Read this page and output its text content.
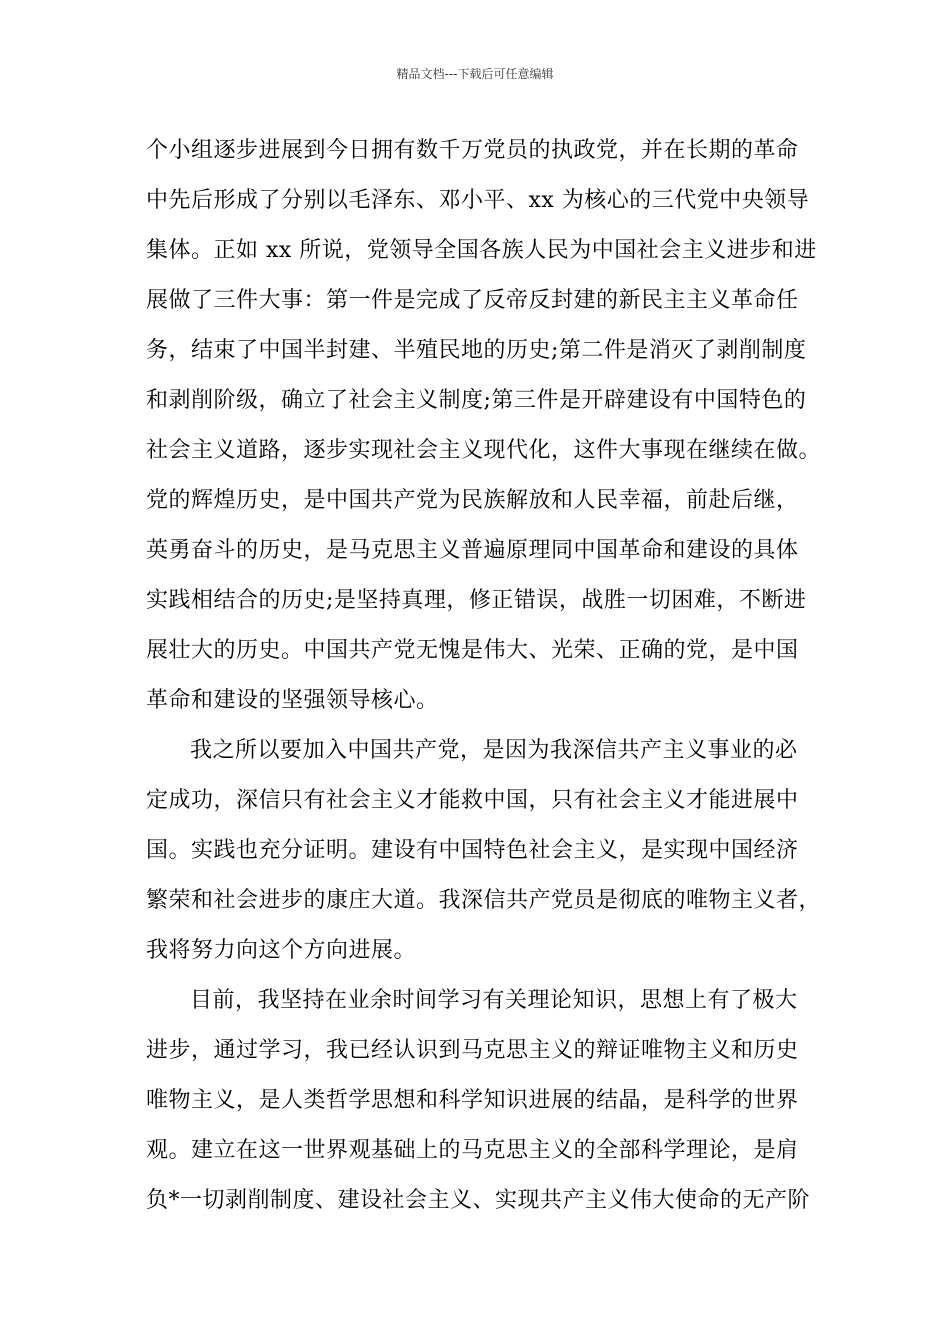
精品文档---下载后可任意编辑
个小组逐步进展到今日拥有数千万党员的执政党，并在长期的革命
中先后形成了分别以毛泽东、邓小平、xx 为核心的三代党中央领导
集体。正如 xx 所说，党领导全国各族人民为中国社会主义进步和进
展做了三件大事：第一件是完成了反帝反封建的新民主主义革命任
务，结束了中国半封建、半殖民地的历史;第二件是消灭了剥削制度
和剥削阶级，确立了社会主义制度;第三件是开辟建设有中国特色的
社会主义道路，逐步实现社会主义现代化，这件大事现在继续在做。
党的辉煌历史，是中国共产党为民族解放和人民幸福，前赴后继，
英勇奋斗的历史，是马克思主义普遍原理同中国革命和建设的具体
实践相结合的历史;是坚持真理，修正错误，战胜一切困难，不断进
展壮大的历史。中国共产党无愧是伟大、光荣、正确的党，是中国
革命和建设的坚强领导核心。
我之所以要加入中国共产党，是因为我深信共产主义事业的必
定成功，深信只有社会主义才能救中国，只有社会主义才能进展中
国。实践也充分证明。建设有中国特色社会主义，是实现中国经济
繁荣和社会进步的康庄大道。我深信共产党员是彻底的唯物主义者，
我将努力向这个方向进展。
目前，我坚持在业余时间学习有关理论知识，思想上有了极大
进步，通过学习，我已经认识到马克思主义的辩证唯物主义和历史
唯物主义，是人类哲学思想和科学知识进展的结晶，是科学的世界
观。建立在这一世界观基础上的马克思主义的全部科学理论，是肩
负*一切剥削制度、建设社会主义、实现共产主义伟大使命的无产阶
